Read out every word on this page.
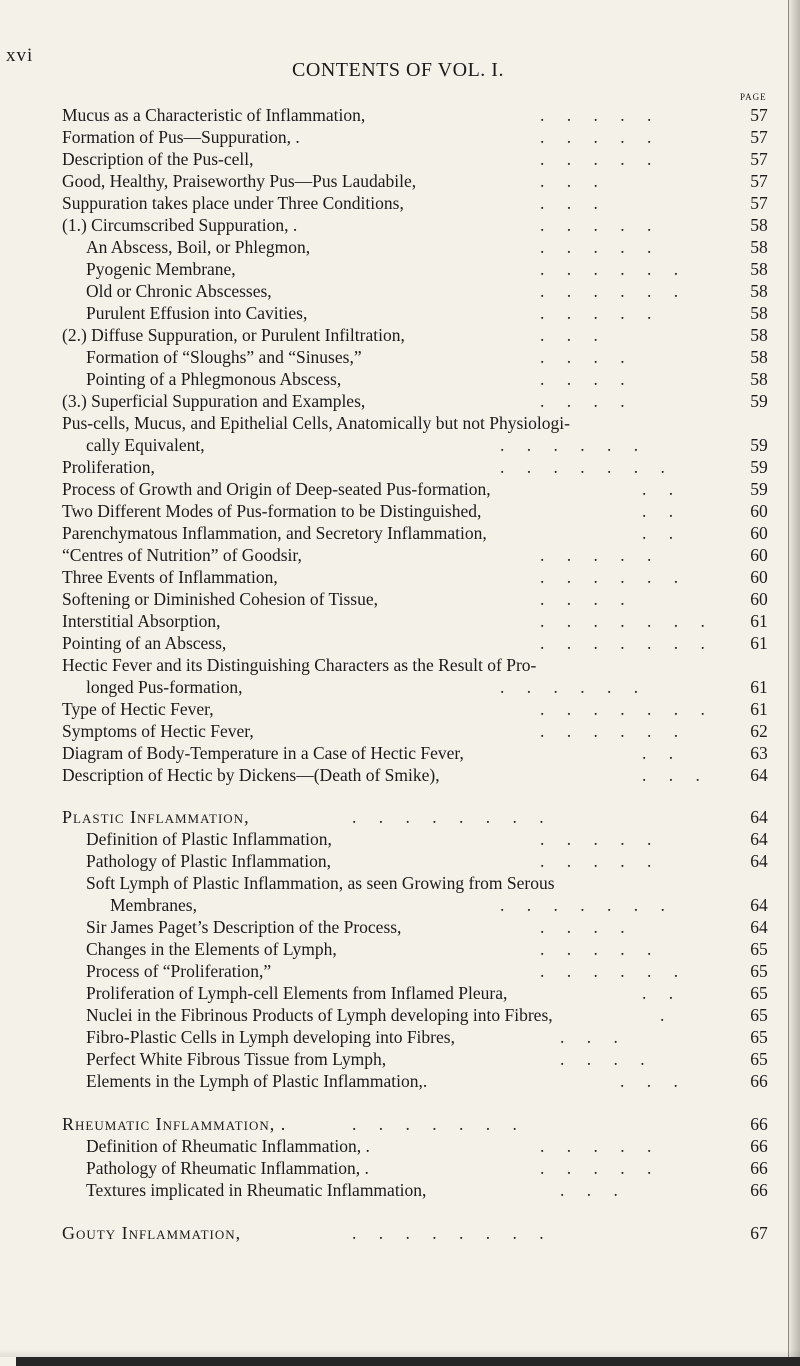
xvi
CONTENTS OF VOL. I.
PAGE
Mucus as a Characteristic of Inflammation,	. . . . .	57
Formation of Pus—Suppuration, .	. . . . .	57
Description of the Pus-cell,	. . . . .	57
Good, Healthy, Praiseworthy Pus—Pus Laudabile,	. . .	57
Suppuration takes place under Three Conditions,	. . .	57
(1.) Circumscribed Suppuration, .	. . . . .	58
An Abscess, Boil, or Phlegmon,	. . . . .	58
Pyogenic Membrane,	. . . . . .	58
Old or Chronic Abscesses,	. . . . . .	58
Purulent Effusion into Cavities,	. . . . .	58
(2.) Diffuse Suppuration, or Purulent Infiltration,	. . .	58
Formation of “Sloughs” and “Sinuses,”	. . . .	58
Pointing of a Phlegmonous Abscess,	. . . .	58
(3.) Superficial Suppuration and Examples,	. . . .	59
Pus-cells, Mucus, and Epithelial Cells, Anatomically but not Physiologi-
cally Equivalent,	. . . . . .	59
Proliferation,	. . . . . . .	59
Process of Growth and Origin of Deep-seated Pus-formation,	. .	59
Two Different Modes of Pus-formation to be Distinguished,	. .	60
Parenchymatous Inflammation, and Secretory Inflammation,	. .	60
“Centres of Nutrition” of Goodsir,	. . . . .	60
Three Events of Inflammation,	. . . . . .	60
Softening or Diminished Cohesion of Tissue,	. . . .	60
Interstitial Absorption,	. . . . . . .	61
Pointing of an Abscess,	. . . . . . .	61
Hectic Fever and its Distinguishing Characters as the Result of Pro-
longed Pus-formation,	. . . . . .	61
Type of Hectic Fever,	. . . . . . .	61
Symptoms of Hectic Fever,	. . . . . .	62
Diagram of Body-Temperature in a Case of Hectic Fever,	. .	63
Description of Hectic by Dickens—(Death of Smike),	. . .	64
Plastic Inflammation,	. . . . . . . .	64
Definition of Plastic Inflammation,	. . . . .	64
Pathology of Plastic Inflammation,	. . . . .	64
Soft Lymph of Plastic Inflammation, as seen Growing from Serous
Membranes,	. . . . . . .	64
Sir James Paget’s Description of the Process,	. . . .	64
Changes in the Elements of Lymph,	. . . . .	65
Process of “Proliferation,”	. . . . . .	65
Proliferation of Lymph-cell Elements from Inflamed Pleura,	. .	65
Nuclei in the Fibrinous Products of Lymph developing into Fibres,	.	65
Fibro-Plastic Cells in Lymph developing into Fibres,	. . .	65
Perfect White Fibrous Tissue from Lymph,	. . . .	65
Elements in the Lymph of Plastic Inflammation,.	. . .	66
Rheumatic Inflammation, .	. . . . . . .	66
Definition of Rheumatic Inflammation, .	. . . . .	66
Pathology of Rheumatic Inflammation, .	. . . . .	66
Textures implicated in Rheumatic Inflammation,	. . .	66
Gouty Inflammation,	. . . . . . . .	67
